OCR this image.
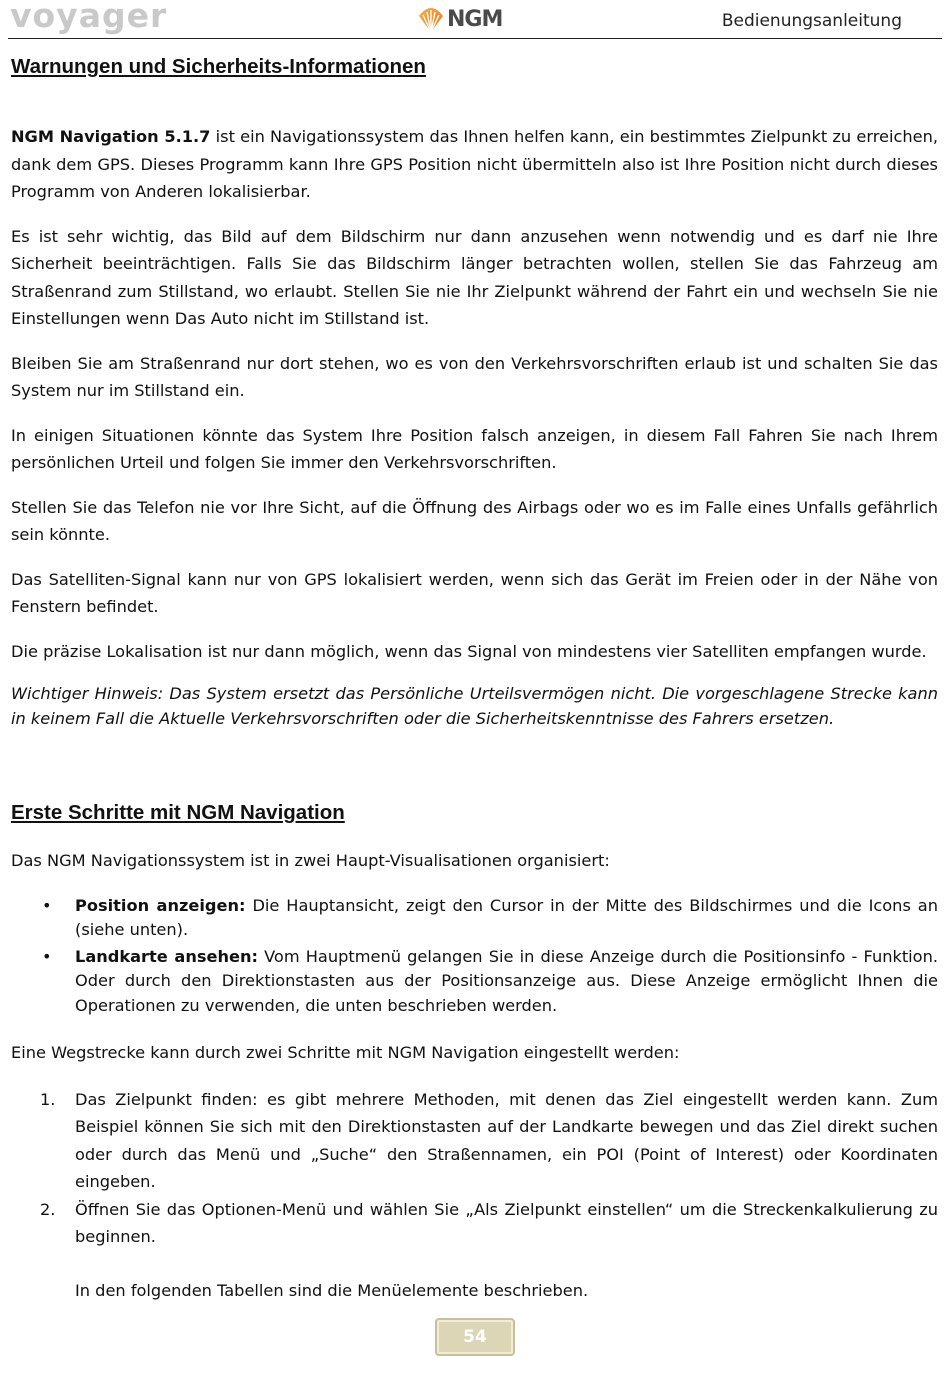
voyager	NGM	Bedienungsanleitung
Warnungen und Sicherheits-Informationen

NGM Navigation 5.1.7 ist ein Navigationssystem das Ihnen helfen kann, ein bestimmtes Zielpunkt zu erreichen, dank dem GPS. Dieses Programm kann Ihre GPS Position nicht übermitteln also ist Ihre Position nicht durch dieses Programm von Anderen lokalisierbar.

Es ist sehr wichtig, das Bild auf dem Bildschirm nur dann anzusehen wenn notwendig und es darf nie Ihre Sicherheit beeinträchtigen. Falls Sie das Bildschirm länger betrachten wollen, stellen Sie das Fahrzeug am Straßenrand zum Stillstand, wo erlaubt. Stellen Sie nie Ihr Zielpunkt während der Fahrt ein und wechseln Sie nie Einstellungen wenn Das Auto nicht im Stillstand ist.

Bleiben Sie am Straßenrand nur dort stehen, wo es von den Verkehrsvorschriften erlaub ist und schalten Sie das System nur im Stillstand ein.

In einigen Situationen könnte das System Ihre Position falsch anzeigen, in diesem Fall Fahren Sie nach Ihrem persönlichen Urteil und folgen Sie immer den Verkehrsvorschriften.

Stellen Sie das Telefon nie vor Ihre Sicht, auf die Öffnung des Airbags oder wo es im Falle eines Unfalls gefährlich sein könnte.

Das Satelliten-Signal kann nur von GPS lokalisiert werden, wenn sich das Gerät im Freien oder in der Nähe von Fenstern befindet.

Die präzise Lokalisation ist nur dann möglich, wenn das Signal von mindestens vier Satelliten empfangen wurde.

Wichtiger Hinweis: Das System ersetzt das Persönliche Urteilsvermögen nicht. Die vorgeschlagene Strecke kann in keinem Fall die Aktuelle Verkehrsvorschriften oder die Sicherheitskenntnisse des Fahrers ersetzen.

Erste Schritte mit NGM Navigation

Das NGM Navigationssystem ist in zwei Haupt-Visualisationen organisiert:

• Position anzeigen: Die Hauptansicht, zeigt den Cursor in der Mitte des Bildschirmes und die Icons an (siehe unten).
• Landkarte ansehen: Vom Hauptmenü gelangen Sie in diese Anzeige durch die Positionsinfo - Funktion. Oder durch den Direktionstasten aus der Positionsanzeige aus. Diese Anzeige ermöglicht Ihnen die Operationen zu verwenden, die unten beschrieben werden.

Eine Wegstrecke kann durch zwei Schritte mit NGM Navigation eingestellt werden:

1. Das Zielpunkt finden: es gibt mehrere Methoden, mit denen das Ziel eingestellt werden kann. Zum Beispiel können Sie sich mit den Direktionstasten auf der Landkarte bewegen und das Ziel direkt suchen oder durch das Menü und „Suche“ den Straßennamen, ein POI (Point of Interest) oder Koordinaten eingeben.
2. Öffnen Sie das Optionen-Menü und wählen Sie „Als Zielpunkt einstellen“ um die Streckenkalkulierung zu beginnen.

In den folgenden Tabellen sind die Menüelemente beschrieben.

54
